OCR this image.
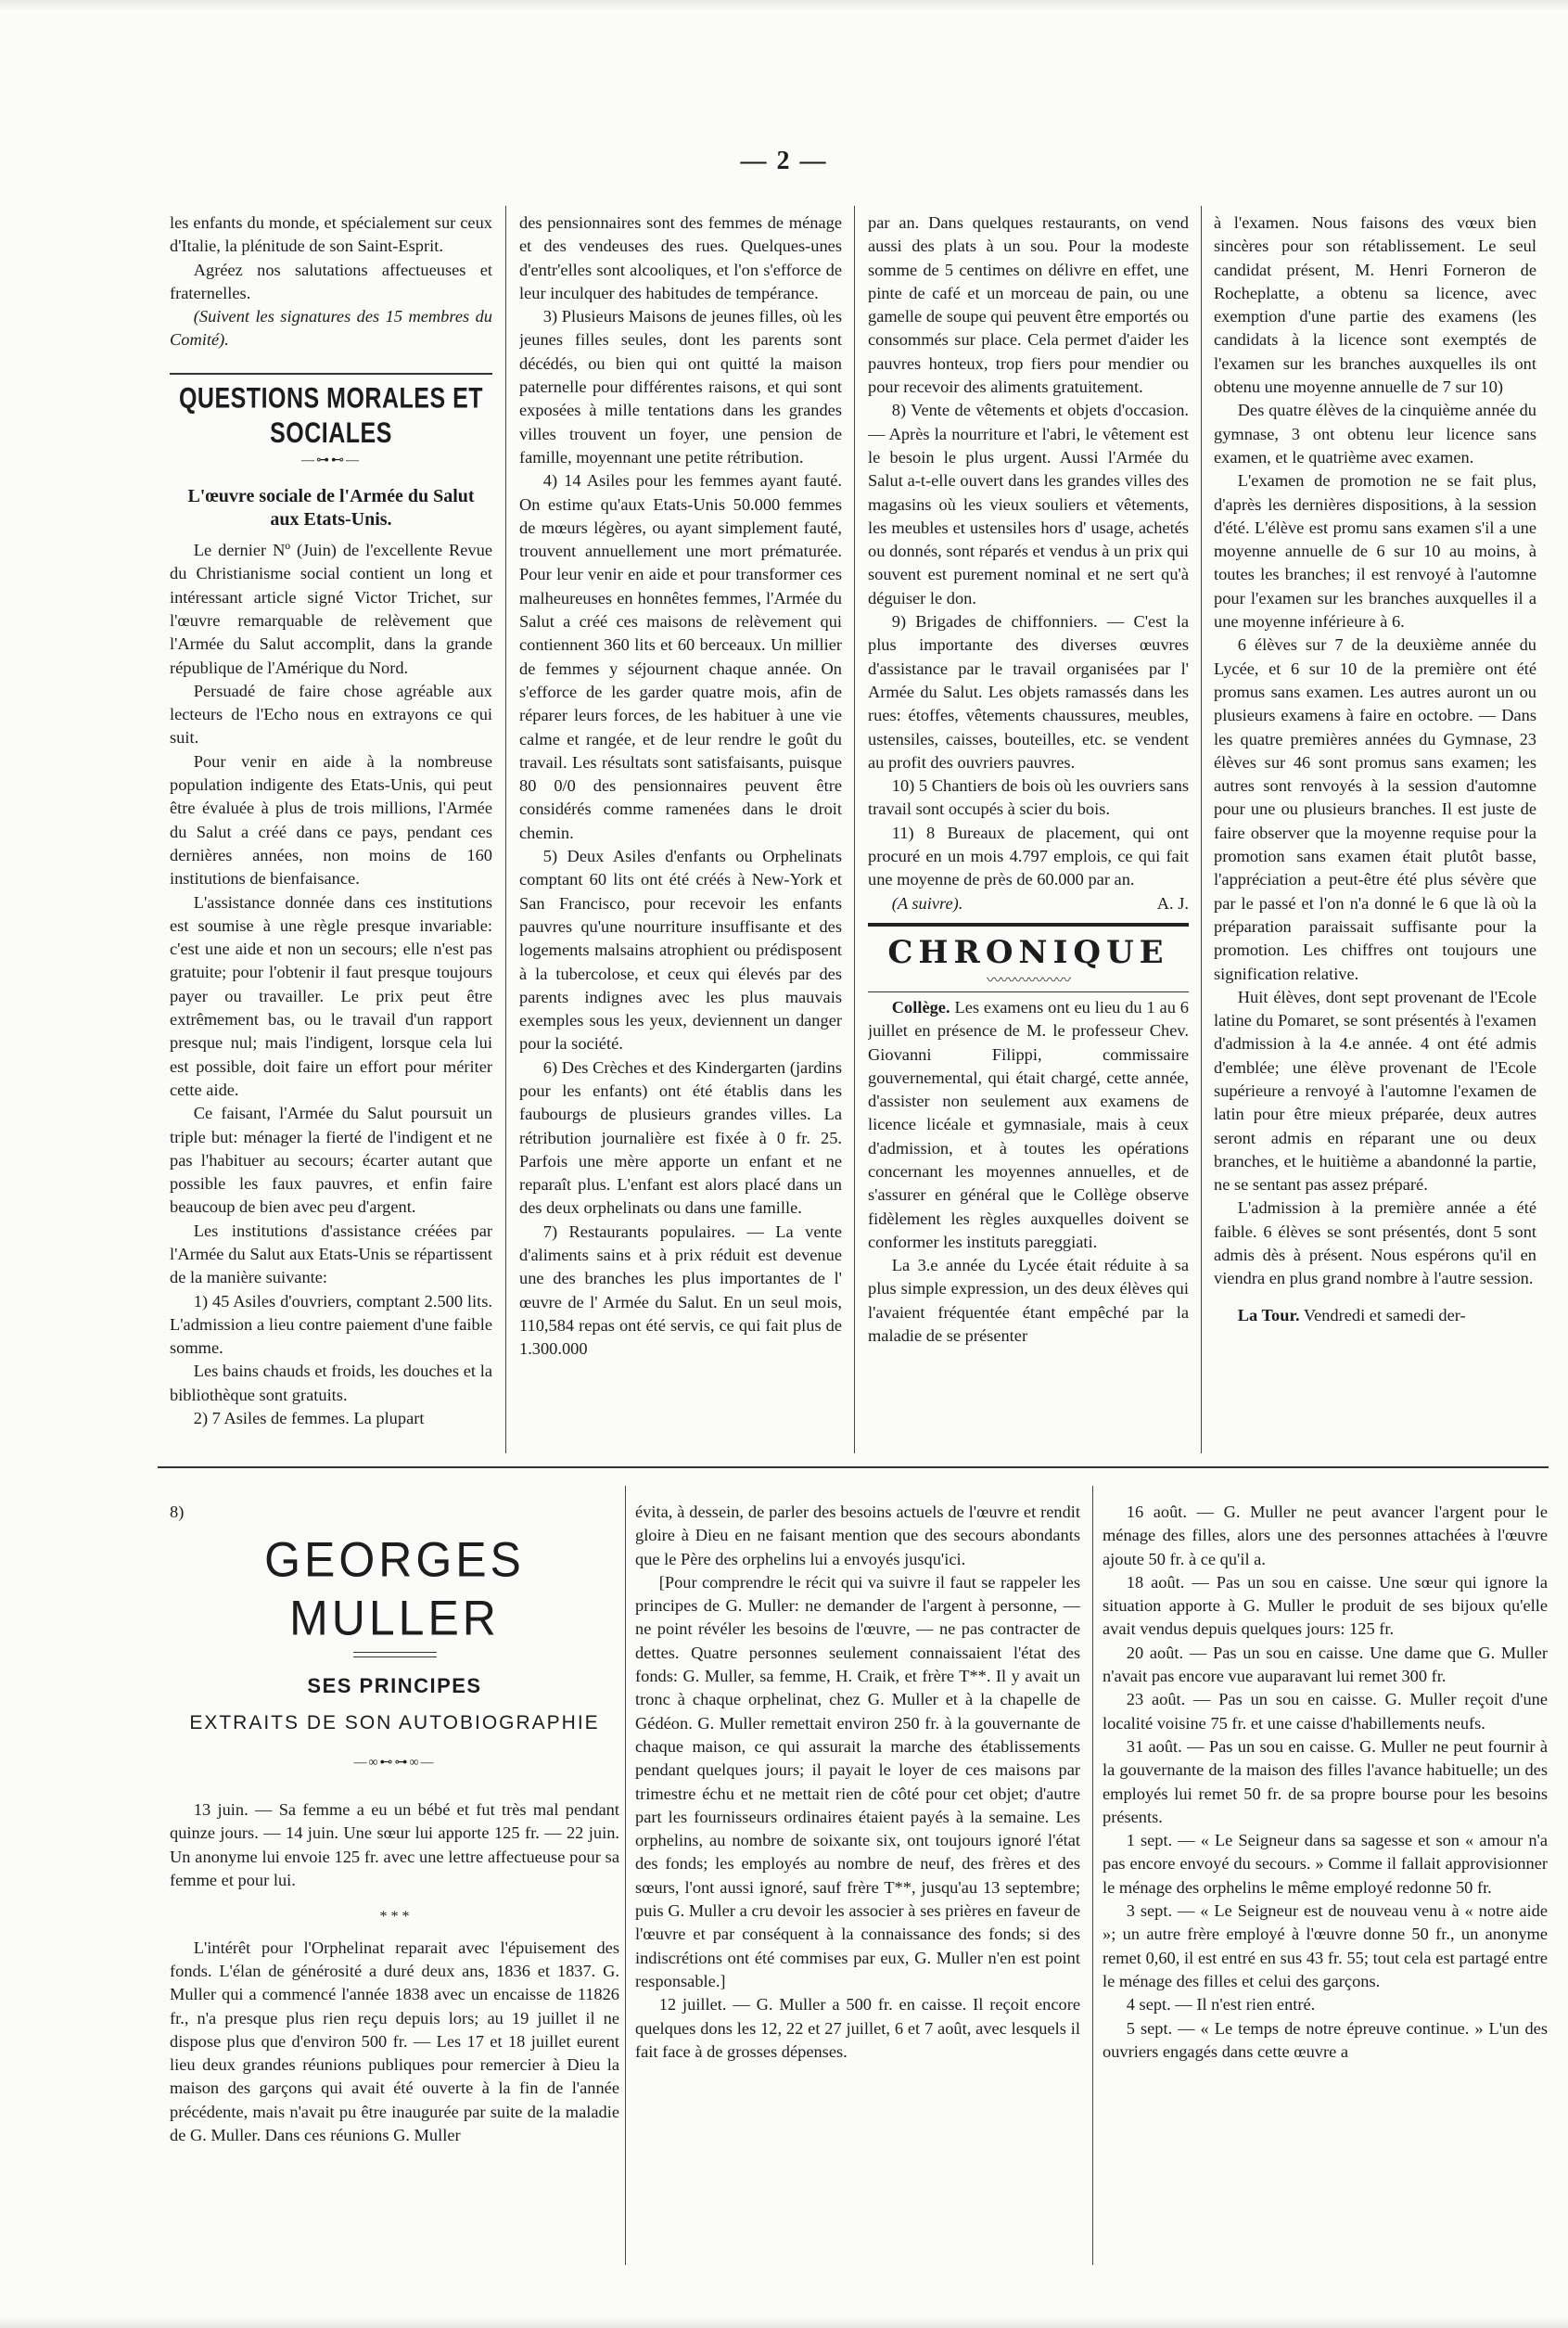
— 2 —

les enfants du monde, et spécialement sur ceux d'Italie, la plénitude de son Saint-Esprit.

Agréez nos salutations affectueuses et fraternelles.

(Suivent les signatures des 15 membres du Comité).

QUESTIONS MORALES ET SOCIALES
—⊶⊷—
L'œuvre sociale de l'Armée du Salut
aux Etats-Unis.

Le dernier Nº (Juin) de l'excellente Revue du Christianisme social contient un long et intéressant article signé Victor Trichet, sur l'œuvre remarquable de relèvement que l'Armée du Salut accomplit, dans la grande république de l'Amérique du Nord.

Persuadé de faire chose agréable aux lecteurs de l'Echo nous en extrayons ce qui suit.

Pour venir en aide à la nombreuse population indigente des Etats-Unis, qui peut être évaluée à plus de trois millions, l'Armée du Salut a créé dans ce pays, pendant ces dernières années, non moins de 160 institutions de bienfaisance.

L'assistance donnée dans ces institutions est soumise à une règle presque invariable: c'est une aide et non un secours; elle n'est pas gratuite; pour l'obtenir il faut presque toujours payer ou travailler. Le prix peut être extrêmement bas, ou le travail d'un rapport presque nul; mais l'indigent, lorsque cela lui est possible, doit faire un effort pour mériter cette aide.

Ce faisant, l'Armée du Salut poursuit un triple but: ménager la fierté de l'indigent et ne pas l'habituer au secours; écarter autant que possible les faux pauvres, et enfin faire beaucoup de bien avec peu d'argent.

Les institutions d'assistance créées par l'Armée du Salut aux Etats-Unis se répartissent de la manière suivante:

1) 45 Asiles d'ouvriers, comptant 2.500 lits. L'admission a lieu contre paiement d'une faible somme.

Les bains chauds et froids, les douches et la bibliothèque sont gratuits.

2) 7 Asiles de femmes. La plupart

des pensionnaires sont des femmes de ménage et des vendeuses des rues. Quelques-unes d'entr'elles sont alcooliques, et l'on s'efforce de leur inculquer des habitudes de tempérance.

3) Plusieurs Maisons de jeunes filles, où les jeunes filles seules, dont les parents sont décédés, ou bien qui ont quitté la maison paternelle pour différentes raisons, et qui sont exposées à mille tentations dans les grandes villes trouvent un foyer, une pension de famille, moyennant une petite rétribution.

4) 14 Asiles pour les femmes ayant fauté. On estime qu'aux Etats-Unis 50.000 femmes de mœurs légères, ou ayant simplement fauté, trouvent annuellement une mort prématurée. Pour leur venir en aide et pour transformer ces malheureuses en honnêtes femmes, l'Armée du Salut a créé ces maisons de relèvement qui contiennent 360 lits et 60 berceaux. Un millier de femmes y séjournent chaque année. On s'efforce de les garder quatre mois, afin de réparer leurs forces, de les habituer à une vie calme et rangée, et de leur rendre le goût du travail. Les résultats sont satisfaisants, puisque 80 0/0 des pensionnaires peuvent être considérés comme ramenées dans le droit chemin.

5) Deux Asiles d'enfants ou Orphelinats comptant 60 lits ont été créés à New-York et San Francisco, pour recevoir les enfants pauvres qu'une nourriture insuffisante et des logements malsains atrophient ou prédisposent à la tubercolose, et ceux qui élevés par des parents indignes avec les plus mauvais exemples sous les yeux, deviennent un danger pour la société.

6) Des Crèches et des Kindergarten (jardins pour les enfants) ont été établis dans les faubourgs de plusieurs grandes villes. La rétribution journalière est fixée à 0 fr. 25. Parfois une mère apporte un enfant et ne reparaît plus. L'enfant est alors placé dans un des deux orphelinats ou dans une famille.

7) Restaurants populaires. — La vente d'aliments sains et à prix réduit est devenue une des branches les plus importantes de l' œuvre de l' Armée du Salut. En un seul mois, 110,584 repas ont été servis, ce qui fait plus de 1.300.000

par an. Dans quelques restaurants, on vend aussi des plats à un sou. Pour la modeste somme de 5 centimes on délivre en effet, une pinte de café et un morceau de pain, ou une gamelle de soupe qui peuvent être emportés ou consommés sur place. Cela permet d'aider les pauvres honteux, trop fiers pour mendier ou pour recevoir des aliments gratuitement.

8) Vente de vêtements et objets d'occasion. — Après la nourriture et l'abri, le vêtement est le besoin le plus urgent. Aussi l'Armée du Salut a-t-elle ouvert dans les grandes villes des magasins où les vieux souliers et vêtements, les meubles et ustensiles hors d' usage, achetés ou donnés, sont réparés et vendus à un prix qui souvent est purement nominal et ne sert qu'à déguiser le don.

9) Brigades de chiffonniers. — C'est la plus importante des diverses œuvres d'assistance par le travail organisées par l' Armée du Salut. Les objets ramassés dans les rues: étoffes, vêtements chaussures, meubles, ustensiles, caisses, bouteilles, etc. se vendent au profit des ouvriers pauvres.

10) 5 Chantiers de bois où les ouvriers sans travail sont occupés à scier du bois.

11) 8 Bureaux de placement, qui ont procuré en un mois 4.797 emplois, ce qui fait une moyenne de près de 60.000 par an.

(A suivre).	A. J.
CHRONIQUE
〰〰〰〰〰〰

Collège. Les examens ont eu lieu du 1 au 6 juillet en présence de M. le professeur Chev. Giovanni Filippi, commissaire gouvernemental, qui était chargé, cette année, d'assister non seulement aux examens de licence licéale et gymnasiale, mais à ceux d'admission, et à toutes les opérations concernant les moyennes annuelles, et de s'assurer en général que le Collège observe fidèlement les règles auxquelles doivent se conformer les instituts pareggiati.

La 3.e année du Lycée était réduite à sa plus simple expression, un des deux élèves qui l'avaient fréquentée étant empêché par la maladie de se présenter

à l'examen. Nous faisons des vœux bien sincères pour son rétablissement. Le seul candidat présent, M. Henri Forneron de Rocheplatte, a obtenu sa licence, avec exemption d'une partie des examens (les candidats à la licence sont exemptés de l'examen sur les branches auxquelles ils ont obtenu une moyenne annuelle de 7 sur 10)

Des quatre élèves de la cinquième année du gymnase, 3 ont obtenu leur licence sans examen, et le quatrième avec examen.

L'examen de promotion ne se fait plus, d'après les dernières dispositions, à la session d'été. L'élève est promu sans examen s'il a une moyenne annuelle de 6 sur 10 au moins, à toutes les branches; il est renvoyé à l'automne pour l'examen sur les branches auxquelles il a une moyenne inférieure à 6.

6 élèves sur 7 de la deuxième année du Lycée, et 6 sur 10 de la première ont été promus sans examen. Les autres auront un ou plusieurs examens à faire en octobre. — Dans les quatre premières années du Gymnase, 23 élèves sur 46 sont promus sans examen; les autres sont renvoyés à la session d'automne pour une ou plusieurs branches. Il est juste de faire observer que la moyenne requise pour la promotion sans examen était plutôt basse, l'appréciation a peut-être été plus sévère que par le passé et l'on n'a donné le 6 que là où la préparation paraissait suffisante pour la promotion. Les chiffres ont toujours une signification relative.

Huit élèves, dont sept provenant de l'Ecole latine du Pomaret, se sont présentés à l'examen d'admission à la 4.e année. 4 ont été admis d'emblée; une élève provenant de l'Ecole supérieure a renvoyé à l'automne l'examen de latin pour être mieux préparée, deux autres seront admis en réparant une ou deux branches, et le huitième a abandonné la partie, ne se sentant pas assez préparé.

L'admission à la première année a été faible. 6 élèves se sont présentés, dont 5 sont admis dès à présent. Nous espérons qu'il en viendra en plus grand nombre à l'autre session.

La Tour. Vendredi et samedi der-

8)

GEORGES MULLER
SES PRINCIPES
EXTRAITS DE SON AUTOBIOGRAPHIE
—∞⊷⊶∞—

13 juin. — Sa femme a eu un bébé et fut très mal pendant quinze jours. — 14 juin. Une sœur lui apporte 125 fr. — 22 juin. Un anonyme lui envoie 125 fr. avec une lettre affectueuse pour sa femme et pour lui.

* * *

L'intérêt pour l'Orphelinat reparait avec l'épuisement des fonds. L'élan de générosité a duré deux ans, 1836 et 1837. G. Muller qui a commencé l'année 1838 avec un encaisse de 11826 fr., n'a presque plus rien reçu depuis lors; au 19 juillet il ne dispose plus que d'environ 500 fr. — Les 17 et 18 juillet eurent lieu deux grandes réunions publiques pour remercier à Dieu la maison des garçons qui avait été ouverte à la fin de l'année précédente, mais n'avait pu être inaugurée par suite de la maladie de G. Muller. Dans ces réunions G. Muller

évita, à dessein, de parler des besoins actuels de l'œuvre et rendit gloire à Dieu en ne faisant mention que des secours abondants que le Père des orphelins lui a envoyés jusqu'ici.

[Pour comprendre le récit qui va suivre il faut se rappeler les principes de G. Muller: ne demander de l'argent à personne, — ne point révéler les besoins de l'œuvre, — ne pas contracter de dettes. Quatre personnes seulement connaissaient l'état des fonds: G. Muller, sa femme, H. Craik, et frère T**. Il y avait un tronc à chaque orphelinat, chez G. Muller et à la chapelle de Gédéon. G. Muller remettait environ 250 fr. à la gouvernante de chaque maison, ce qui assurait la marche des établissements pendant quelques jours; il payait le loyer de ces maisons par trimestre échu et ne mettait rien de côté pour cet objet; d'autre part les fournisseurs ordinaires étaient payés à la semaine. Les orphelins, au nombre de soixante six, ont toujours ignoré l'état des fonds; les employés au nombre de neuf, des frères et des sœurs, l'ont aussi ignoré, sauf frère T**, jusqu'au 13 septembre; puis G. Muller a cru devoir les associer à ses prières en faveur de l'œuvre et par conséquent à la connaissance des fonds; si des indiscrétions ont été commises par eux, G. Muller n'en est point responsable.]

12 juillet. — G. Muller a 500 fr. en caisse. Il reçoit encore quelques dons les 12, 22 et 27 juillet, 6 et 7 août, avec lesquels il fait face à de grosses dépenses.

16 août. — G. Muller ne peut avancer l'argent pour le ménage des filles, alors une des personnes attachées à l'œuvre ajoute 50 fr. à ce qu'il a.

18 août. — Pas un sou en caisse. Une sœur qui ignore la situation apporte à G. Muller le produit de ses bijoux qu'elle avait vendus depuis quelques jours: 125 fr.

20 août. — Pas un sou en caisse. Une dame que G. Muller n'avait pas encore vue auparavant lui remet 300 fr.

23 août. — Pas un sou en caisse. G. Muller reçoit d'une localité voisine 75 fr. et une caisse d'habillements neufs.

31 août. — Pas un sou en caisse. G. Muller ne peut fournir à la gouvernante de la maison des filles l'avance habituelle; un des employés lui remet 50 fr. de sa propre bourse pour les besoins présents.

1 sept. — « Le Seigneur dans sa sagesse et son « amour n'a pas encore envoyé du secours. » Comme il fallait approvisionner le ménage des orphelins le même employé redonne 50 fr.

3 sept. — « Le Seigneur est de nouveau venu à « notre aide »; un autre frère employé à l'œuvre donne 50 fr., un anonyme remet 0,60, il est entré en sus 43 fr. 55; tout cela est partagé entre le ménage des filles et celui des garçons.

4 sept. — Il n'est rien entré.

5 sept. — « Le temps de notre épreuve continue. » L'un des ouvriers engagés dans cette œuvre a
